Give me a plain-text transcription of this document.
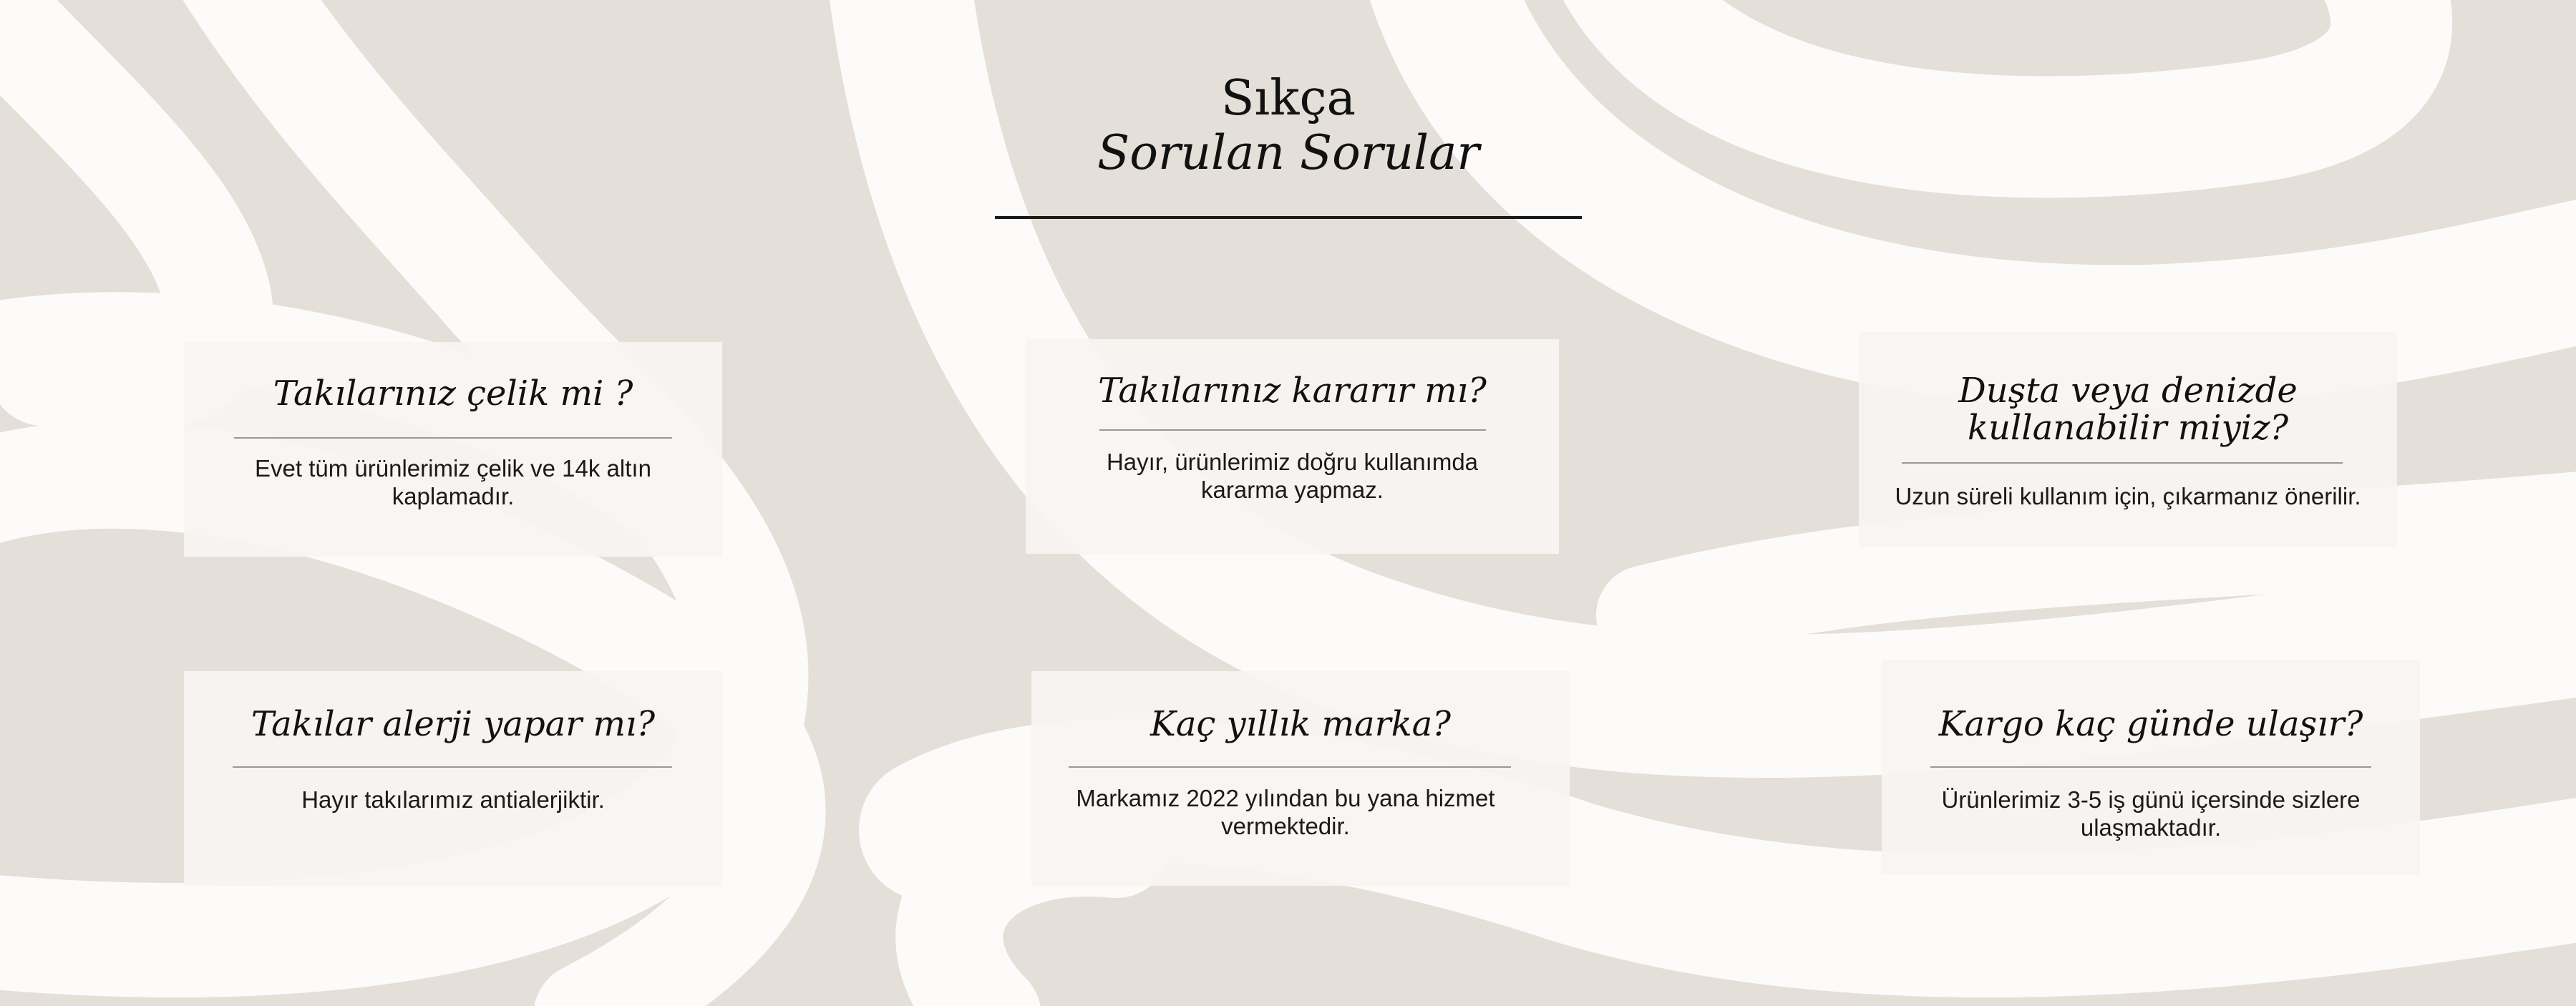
Sıkça
Sorulan Sorular
Takılarınız çelik mi ?
Evet tüm ürünlerimiz çelik ve 14k altın kaplamadır.
Takılarınız kararır mı?
Hayır, ürünlerimiz doğru kullanımda kararma yapmaz.
Duşta veya denizde kullanabilir miyiz?
Uzun süreli kullanım için, çıkarmanız önerilir.
Takılar alerji yapar mı?
Hayır takılarımız antialerjiktir.
Kaç yıllık marka?
Markamız 2022 yılından bu yana hizmet vermektedir.
Kargo kaç günde ulaşır?
Ürünlerimiz 3-5 iş günü içersinde sizlere ulaşmaktadır.
